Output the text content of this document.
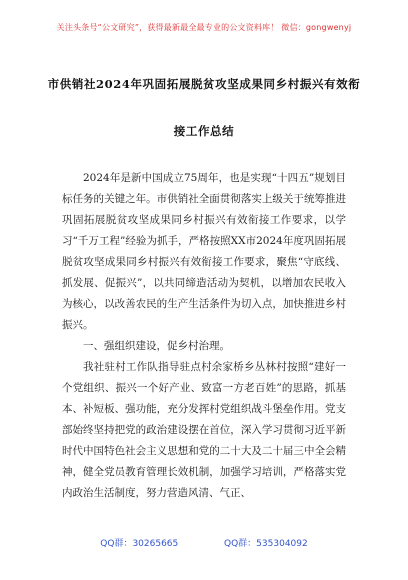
关注头条号“公文研究”，获得最新最全最专业的公文资料库！ 微信：gongwenyj
市供销社2024年巩固拓展脱贫攻坚成果同乡村振兴有效衔
接工作总结

2024年是新中国成立75周年，也是实现“十四五”规划目标任务的关键之年。市供销社全面贯彻落实上级关于统筹推进巩固拓展脱贫攻坚成果同乡村振兴有效衔接工作要求，以学习“千万工程”经验为抓手，严格按照XX市2024年度巩固拓展脱贫攻坚成果同乡村振兴有效衔接工作要求，聚焦“守底线、抓发展、促振兴”，以共同缔造活动为契机，以增加农民收入为核心，以改善农民的生产生活条件为切入点，加快推进乡村振兴。

一、强组织建设，促乡村治理。

我社驻村工作队指导驻点村余家桥乡丛林村按照“建好一个党组织、振兴一个好产业、致富一方老百姓”的思路，抓基本、补短板、强功能，充分发挥村党组织战斗堡垒作用。党支部始终坚持把党的政治建设摆在首位，深入学习贯彻习近平新时代中国特色社会主义思想和党的二十大及二十届三中全会精神，健全党员教育管理长效机制，加强学习培训，严格落实党内政治生活制度，努力营造风清、气正、

QQ群：30265665	QQ群：535304092
